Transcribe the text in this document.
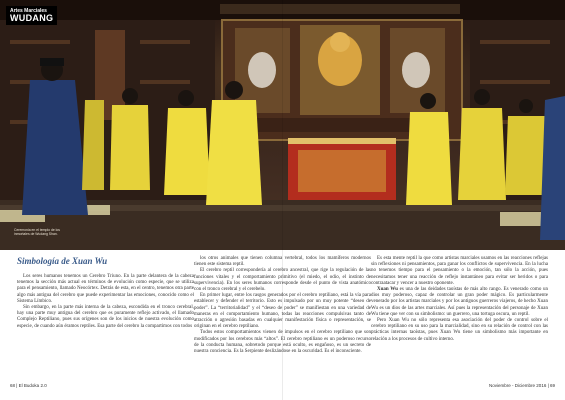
Artes Marciales
WUDANG
Ceremonia en el templo de los inmortales de Wudang Shan.
Simbología de Xuan Wu

Los seres humanos tenemos un Cerebro Triuno. En la parte delantera de la cabeza tenemos la sección más actual en términos de evolución como especie, que se utiliza para el pensamiento, llamado Neocórtex. Detrás de esta, en el centro, tenemos otra parte algo más antigua del cerebro que puede experimentar las emociones, conocido como el Sistema Límbico.

Sin embargo, en la parte más interna de la cabeza, escondida en el tronco cerebral, hay una parte muy antigua del cerebro que es puramente reflejo activado, el llamado Complejo Reptiliano, pues sus orígenes son de los inicios de nuestra evolución como especie, de cuando aún éramos reptiles. Esa parte del cerebro la compartimos con todos

los otros animales que tienen columna vertebral, todos los mamíferos modernos tienen este sistema reptil.

El cerebro reptil correspondería al cerebro ancestral, que rige la regulación de las funciones vitales y el comportamiento primitivo (el miedo, el odio, el instinto de supervivencia). En los seres humanos corresponde desde el punto de vista anatómico con el tronco cerebral y el cerebelo.

En primer lugar, entre los rasgos generados por el cerebro reptiliano, está la vía para establecer y defender el territorio. Esto es impulsado por un muy potente “deseo de poder”. La “territorialidad” y el “deseo de poder” se manifiestan en una variedad de maneras en el comportamiento humano, todas las reacciones compulsivas tanto de atracción o agresión basadas en cualquier manifestación física o representación, se originan en el cerebro reptiliano.

Todos estos comportamientos vienen de impulsos en el cerebro reptiliano que son modificados por los cerebros más “altos”. El cerebro reptiliano es un poderoso recurso de la conducta humana, sobretodo porque está oculto, es engañoso, es un secreto de nuestra conciencia. Es la Serpiente deslizándose en la oscuridad. Es el inconsciente.

Es esta mente reptil la que como artistas marciales usamos en las reacciones reflejas sin reflexiones ni pensamientos, para ganar los conflictos de supervivencia. En la lucha no tenemos tiempo para el pensamiento o la emoción, tan sólo la acción, pues necesitamos tener una reacción de reflejo instantáneo para evitar ser heridos o para contraatacar y vencer a nuestro oponente.

Xuan Wu es una de las deidades taoístas de más alto rango. Es venerado como un dios muy poderoso, capaz de controlar un gran poder mágico. Es particularmente venerado por los artistas marciales y por los antiguos guerreros viajeros, de hecho Xuan Wu es un dios de las artes marciales. Así pues la representación del personaje de Xuan Wu tiene que ver con su simbolismo: un guerrero, una tortuga oscura, un reptil.

Pero Xuan Wu no sólo representa esa asociación del poder de control sobre el cerebro reptiliano en su uso para la marcialidad, sino en su relación de control con las prácticas internas taoístas, pues Xuan Wu tiene un simbolismo más importante en relación a los procesos de cultivo interno.

68 | El Budoka 2.0	Noviembre - Diciembre 2016 | 69
